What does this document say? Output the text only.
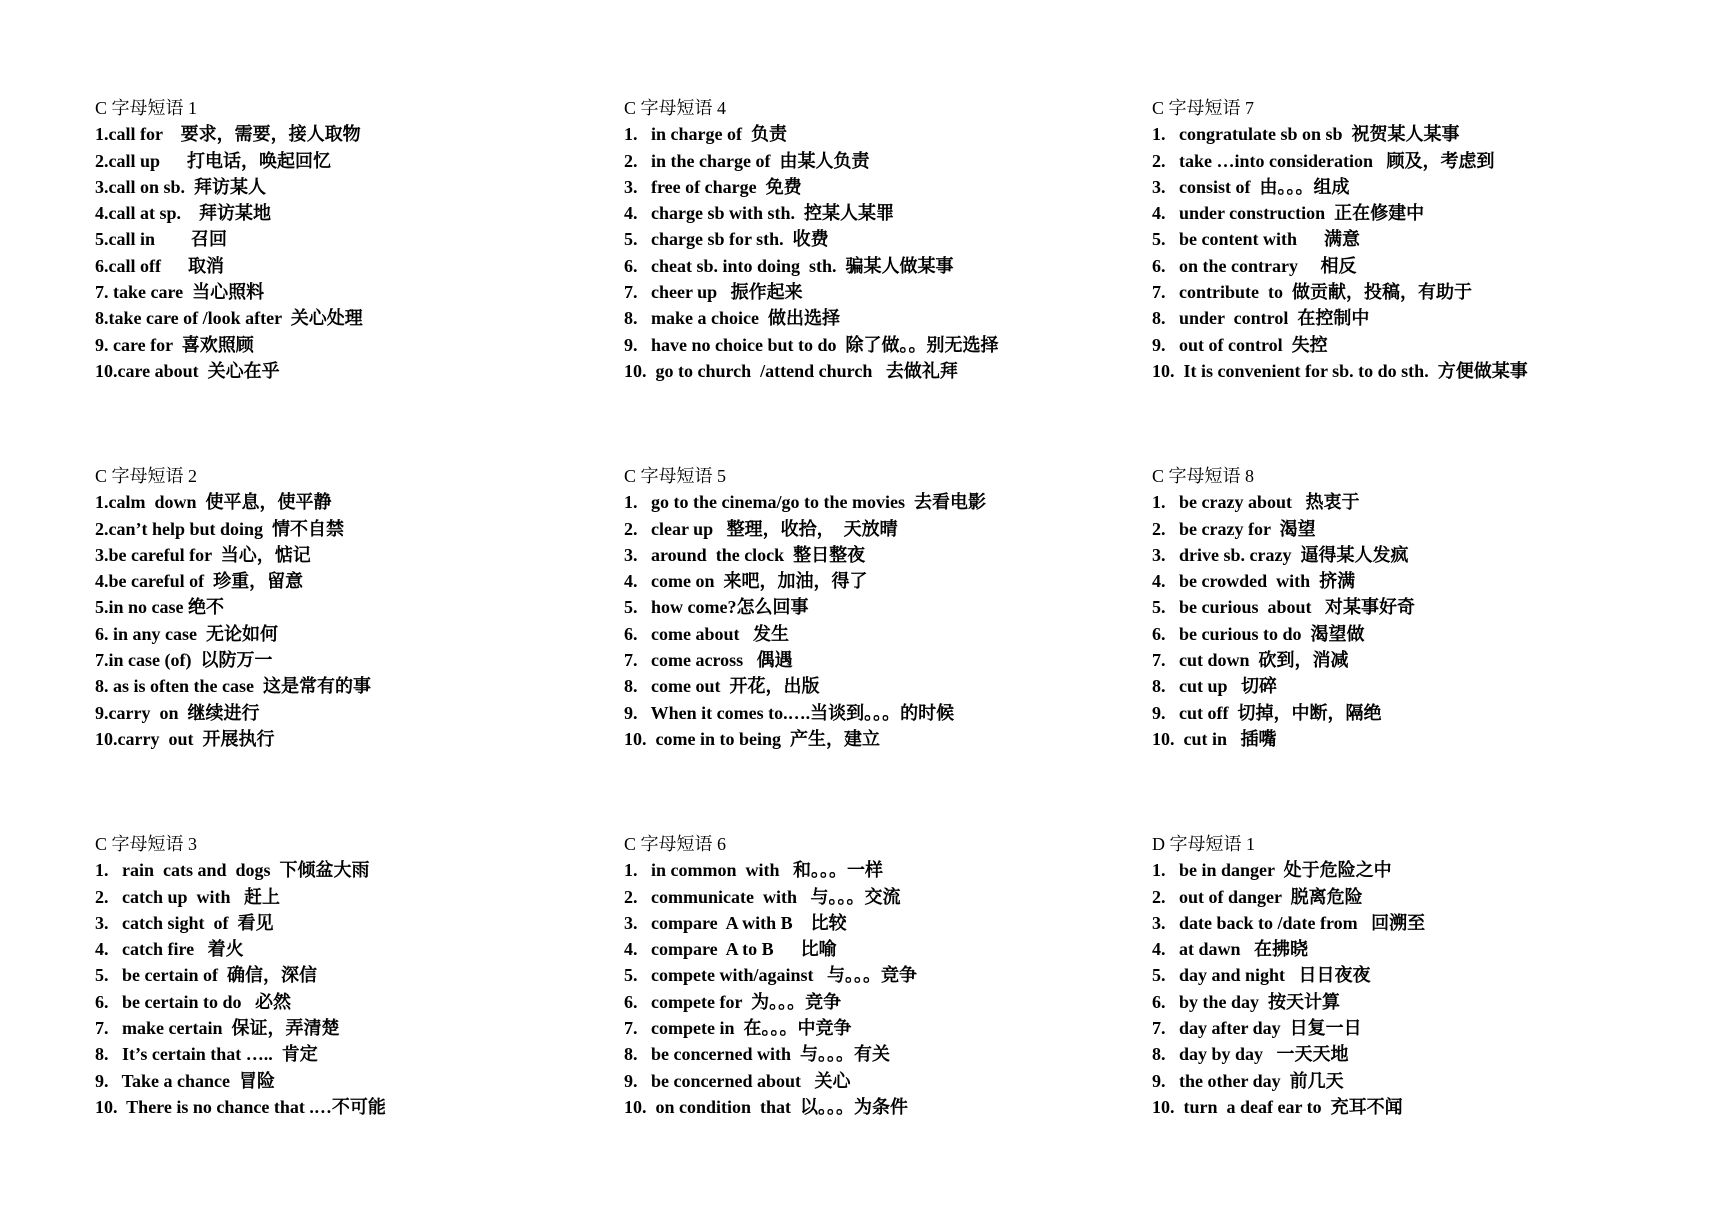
C 字母短语 1
1.call for    要求，需要，接人取物
2.call up      打电话，唤起回忆
3.call on sb.  拜访某人
4.call at sp.    拜访某地
5.call in        召回
6.call off      取消
7. take care  当心照料
8.take care of /look after  关心处理
9. care for  喜欢照顾
10.care about  关心在乎
C 字母短语 4
1.   in charge of  负责
2.   in the charge of  由某人负责
3.   free of charge  免费
4.   charge sb with sth.  控某人某罪
5.   charge sb for sth.  收费
6.   cheat sb. into doing  sth.  骗某人做某事
7.   cheer up   振作起来
8.   make a choice  做出选择
9.   have no choice but to do  除了做。。别无选择
10.  go to church  /attend church   去做礼拜
C 字母短语 7
1.   congratulate sb on sb  祝贺某人某事
2.   take …into consideration   顾及，考虑到
3.   consist of  由。。。组成
4.   under construction  正在修建中
5.   be content with      满意
6.   on the contrary     相反
7.   contribute  to  做贡献，投稿，有助于
8.   under  control  在控制中
9.   out of control  失控
10.  It is convenient for sb. to do sth.  方便做某事
C 字母短语 2
1.calm  down  使平息，使平静
2.can’t help but doing  情不自禁
3.be careful for  当心，惦记
4.be careful of  珍重，留意
5.in no case 绝不
6. in any case  无论如何
7.in case (of)  以防万一
8. as is often the case  这是常有的事
9.carry  on  继续进行
10.carry  out  开展执行
C 字母短语 5
1.   go to the cinema/go to the movies  去看电影
2.   clear up   整理，收拾，  天放晴
3.   around  the clock  整日整夜
4.   come on  来吧，加油，得了
5.   how come?怎么回事
6.   come about   发生
7.   come across   偶遇
8.   come out  开花，出版
9.   When it comes to.….当谈到。。。的时候
10.  come in to being  产生，建立
C 字母短语 8
1.   be crazy about   热衷于
2.   be crazy for  渴望
3.   drive sb. crazy  逼得某人发疯
4.   be crowded  with  挤满
5.   be curious  about   对某事好奇
6.   be curious to do  渴望做
7.   cut down  砍到，消减
8.   cut up   切碎
9.   cut off  切掉，中断，隔绝
10.  cut in   插嘴
C 字母短语 3
1.   rain  cats and  dogs  下倾盆大雨
2.   catch up  with   赶上
3.   catch sight  of  看见
4.   catch fire   着火
5.   be certain of  确信，深信
6.   be certain to do   必然
7.   make certain  保证，弄清楚
8.   It’s certain that …..  肯定
9.   Take a chance  冒险
10.  There is no chance that .…不可能
C 字母短语 6
1.   in common  with   和。。。一样
2.   communicate  with   与。。。交流
3.   compare  A with B    比较
4.   compare  A to B      比喻
5.   compete with/against   与。。。竞争
6.   compete for  为。。。竞争
7.   compete in  在。。。中竞争
8.   be concerned with  与。。。有关
9.   be concerned about   关心
10.  on condition  that  以。。。为条件
D 字母短语 1
1.   be in danger  处于危险之中
2.   out of danger  脱离危险
3.   date back to /date from   回溯至
4.   at dawn   在拂晓
5.   day and night   日日夜夜
6.   by the day  按天计算
7.   day after day  日复一日
8.   day by day   一天天地
9.   the other day  前几天
10.  turn  a deaf ear to  充耳不闻
